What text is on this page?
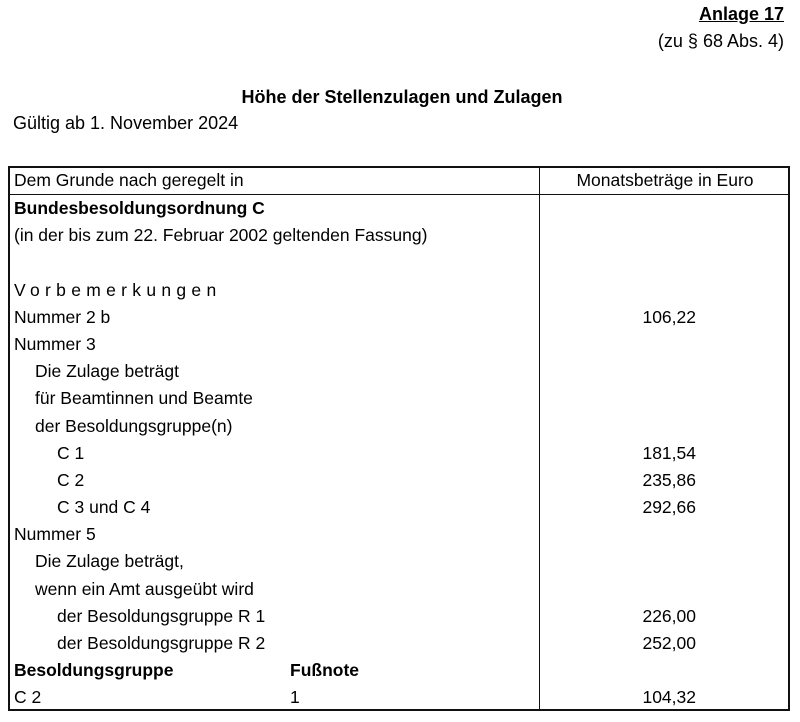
Anlage 17
(zu § 68 Abs. 4)
Höhe der Stellenzulagen und Zulagen
Gültig ab 1. November 2024
Dem Grunde nach geregelt in	Monatsbeträge in Euro
Bundesbesoldungsordnung C
(in der bis zum 22. Februar 2002 geltenden Fassung)
Vorbemerkungen
Nummer 2 b	106,22
Nummer 3
Die Zulage beträgt
für Beamtinnen und Beamte
der Besoldungsgruppe(n)
C 1	181,54
C 2	235,86
C 3 und C 4	292,66
Nummer 5
Die Zulage beträgt,
wenn ein Amt ausgeübt wird
der Besoldungsgruppe R 1	226,00
der Besoldungsgruppe R 2	252,00
Besoldungsgruppe	Fußnote
C 2	1	104,32
